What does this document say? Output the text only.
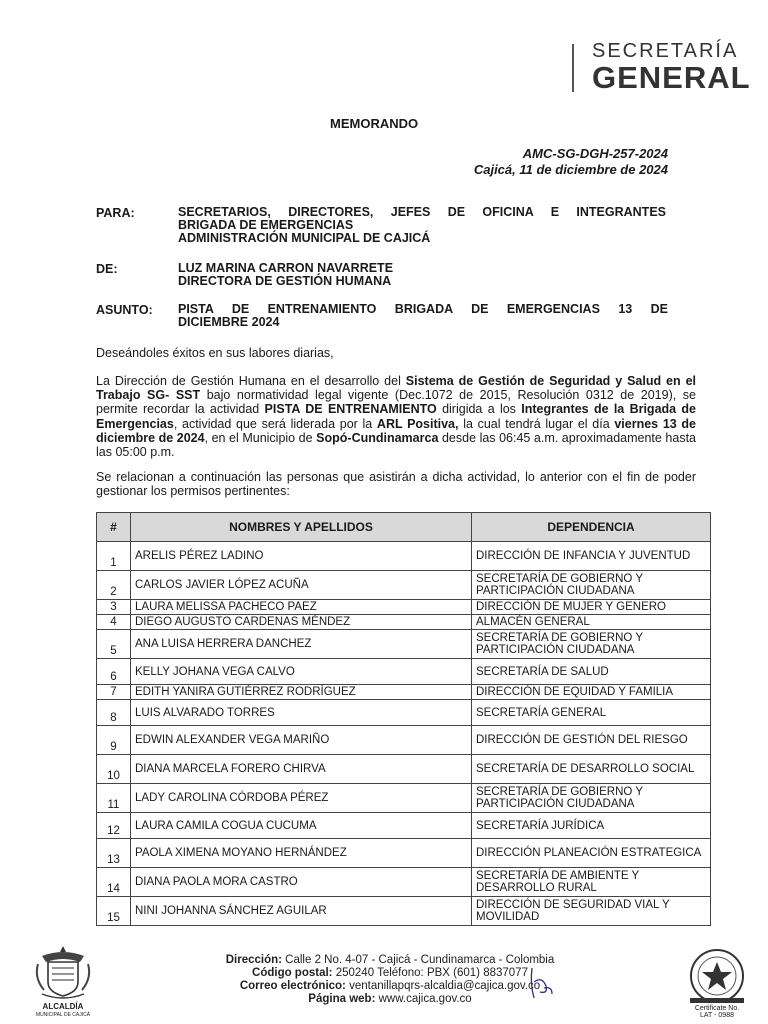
SECRETARÍA
GENERAL
MEMORANDO
AMC-SG-DGH-257-2024
Cajicá, 11 de diciembre de 2024
PARA:	SECRETARIOS, DIRECTORES, JEFES DE OFICINA E INTEGRANTES
BRIGADA DE EMERGENCIAS
ADMINISTRACIÓN MUNICIPAL DE CAJICÁ
DE:	LUZ MARINA CARRON NAVARRETE
DIRECTORA DE GESTIÓN HUMANA
ASUNTO: PISTA DE ENTRENAMIENTO BRIGADA DE EMERGENCIAS 13 DE
DICIEMBRE 2024
Deseándoles éxitos en sus labores diarias,
La Dirección de Gestión Humana en el desarrollo del Sistema de Gestión de Seguridad y Salud en el Trabajo SG- SST bajo normatividad legal vigente (Dec.1072 de 2015, Resolución 0312 de 2019), se permite recordar la actividad PISTA DE ENTRENAMIENTO dirigida a los Integrantes de la Brigada de Emergencias, actividad que será liderada por la ARL Positiva, la cual tendrá lugar el día viernes 13 de diciembre de 2024, en el Municipio de Sopó-Cundinamarca desde las 06:45 a.m. aproximadamente hasta las 05:00 p.m.
Se relacionan a continuación las personas que asistirán a dicha actividad, lo anterior con el fin de poder gestionar los permisos pertinentes:
#	NOMBRES Y APELLIDOS	DEPENDENCIA
1	ARELIS PÉREZ LADINO	DIRECCIÓN DE INFANCIA Y JUVENTUD
2	CARLOS JAVIER LÓPEZ ACUÑA	SECRETARÍA DE GOBIERNO Y PARTICIPACIÓN CIUDADANA
3	LAURA MELISSA PACHECO PAEZ	DIRECCIÓN DE MUJER Y GENERO
4	DIEGO AUGUSTO CARDENAS MÉNDEZ	ALMACÉN GENERAL
5	ANA LUISA HERRERA DANCHEZ	SECRETARÍA DE GOBIERNO Y PARTICIPACIÓN CIUDADANA
6	KELLY JOHANA VEGA CALVO	SECRETARÍA DE SALUD
7	EDITH YANIRA GUTIÉRREZ RODRÍGUEZ	DIRECCIÓN DE EQUIDAD Y FAMILIA
8	LUIS ALVARADO TORRES	SECRETARÍA GENERAL
9	EDWIN ALEXANDER VEGA MARIÑO	DIRECCIÓN DE GESTIÓN DEL RIESGO
10	DIANA MARCELA FORERO CHIRVA	SECRETARÍA DE DESARROLLO SOCIAL
11	LADY CAROLINA CÓRDOBA PÉREZ	SECRETARÍA DE GOBIERNO Y PARTICIPACIÓN CIUDADANA
12	LAURA CAMILA COGUA CUCUMA	SECRETARÍA JURÍDICA
13	PAOLA XIMENA MOYANO HERNÁNDEZ	DIRECCIÓN PLANEACIÓN ESTRATEGICA
14	DIANA PAOLA MORA CASTRO	SECRETARÍA DE AMBIENTE Y DESARROLLO RURAL
15	NINI JOHANNA SÁNCHEZ AGUILAR	DIRECCIÓN DE SEGURIDAD VIAL Y MOVILIDAD
ALCALDÍA
MUNICIPAL DE CAJICÁ
Dirección: Calle 2 No. 4-07 - Cajicá - Cundinamarca - Colombia
Código postal: 250240 Teléfono: PBX (601) 8837077
Correo electrónico: ventanillapqrs-alcaldia@cajica.gov.co
Página web: www.cajica.gov.co
Certificate No.
LAT - 0988
